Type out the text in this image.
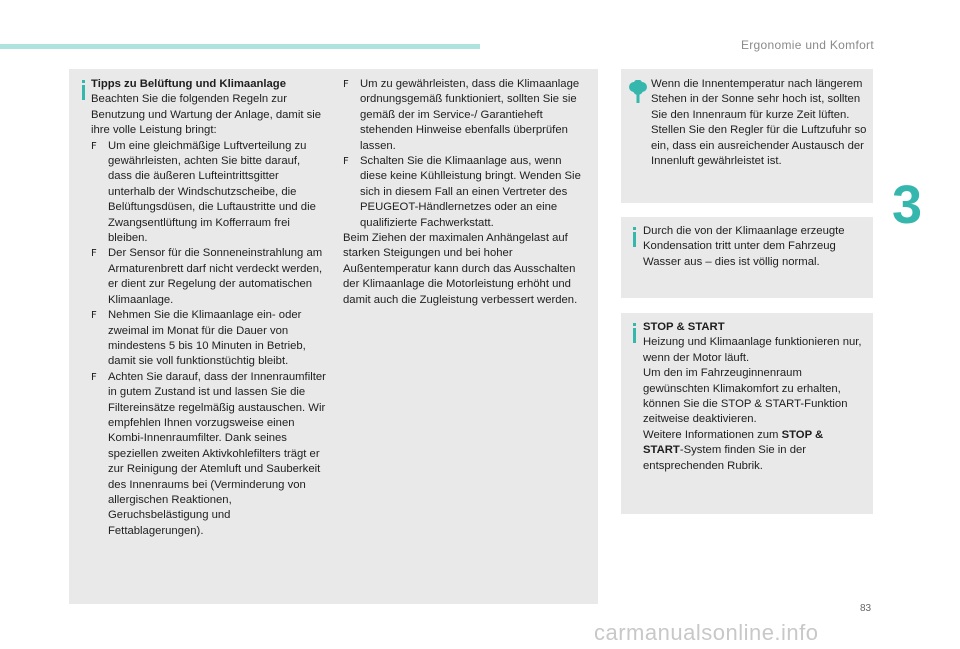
Ergonomie und Komfort
3
Tipps zu Belüftung und Klimaanlage
Beachten Sie die folgenden Regeln zur Benutzung und Wartung der Anlage, damit sie ihre volle Leistung bringt:
F Um eine gleichmäßige Luftverteilung zu gewährleisten, achten Sie bitte darauf, dass die äußeren Lufteintrittsgitter unterhalb der Windschutzscheibe, die Belüftungsdüsen, die Luftaustritte und die Zwangsentlüftung im Kofferraum frei bleiben.
F Der Sensor für die Sonneneinstrahlung am Armaturenbrett darf nicht verdeckt werden, er dient zur Regelung der automatischen Klimaanlage.
F Nehmen Sie die Klimaanlage ein- oder zweimal im Monat für die Dauer von mindestens 5 bis 10 Minuten in Betrieb, damit sie voll funktionstüchtig bleibt.
F Achten Sie darauf, dass der Innenraumfilter in gutem Zustand ist und lassen Sie die Filtereinsätze regelmäßig austauschen. Wir empfehlen Ihnen vorzugsweise einen Kombi-Innenraumfilter. Dank seines speziellen zweiten Aktivkohlefilters trägt er zur Reinigung der Atemluft und Sauberkeit des Innenraums bei (Verminderung von allergischen Reaktionen, Geruchsbelästigung und Fettablagerungen).
F Um zu gewährleisten, dass die Klimaanlage ordnungsgemäß funktioniert, sollten Sie sie gemäß der im Service-/ Garantieheft stehenden Hinweise ebenfalls überprüfen lassen.
F Schalten Sie die Klimaanlage aus, wenn diese keine Kühlleistung bringt. Wenden Sie sich in diesem Fall an einen Vertreter des PEUGEOT-Händlernetzes oder an eine qualifizierte Fachwerkstatt.
Beim Ziehen der maximalen Anhängelast auf starken Steigungen und bei hoher Außentemperatur kann durch das Ausschalten der Klimaanlage die Motorleistung erhöht und damit auch die Zugleistung verbessert werden.
Wenn die Innentemperatur nach längerem Stehen in der Sonne sehr hoch ist, sollten Sie den Innenraum für kurze Zeit lüften.
Stellen Sie den Regler für die Luftzufuhr so ein, dass ein ausreichender Austausch der Innenluft gewährleistet ist.
Durch die von der Klimaanlage erzeugte Kondensation tritt unter dem Fahrzeug Wasser aus – dies ist völlig normal.
STOP & START
Heizung und Klimaanlage funktionieren nur, wenn der Motor läuft.
Um den im Fahrzeuginnenraum gewünschten Klimakomfort zu erhalten, können Sie die STOP & START-Funktion zeitweise deaktivieren.
Weitere Informationen zum STOP & START-System finden Sie in der entsprechenden Rubrik.
83
carmanualsonline.info
